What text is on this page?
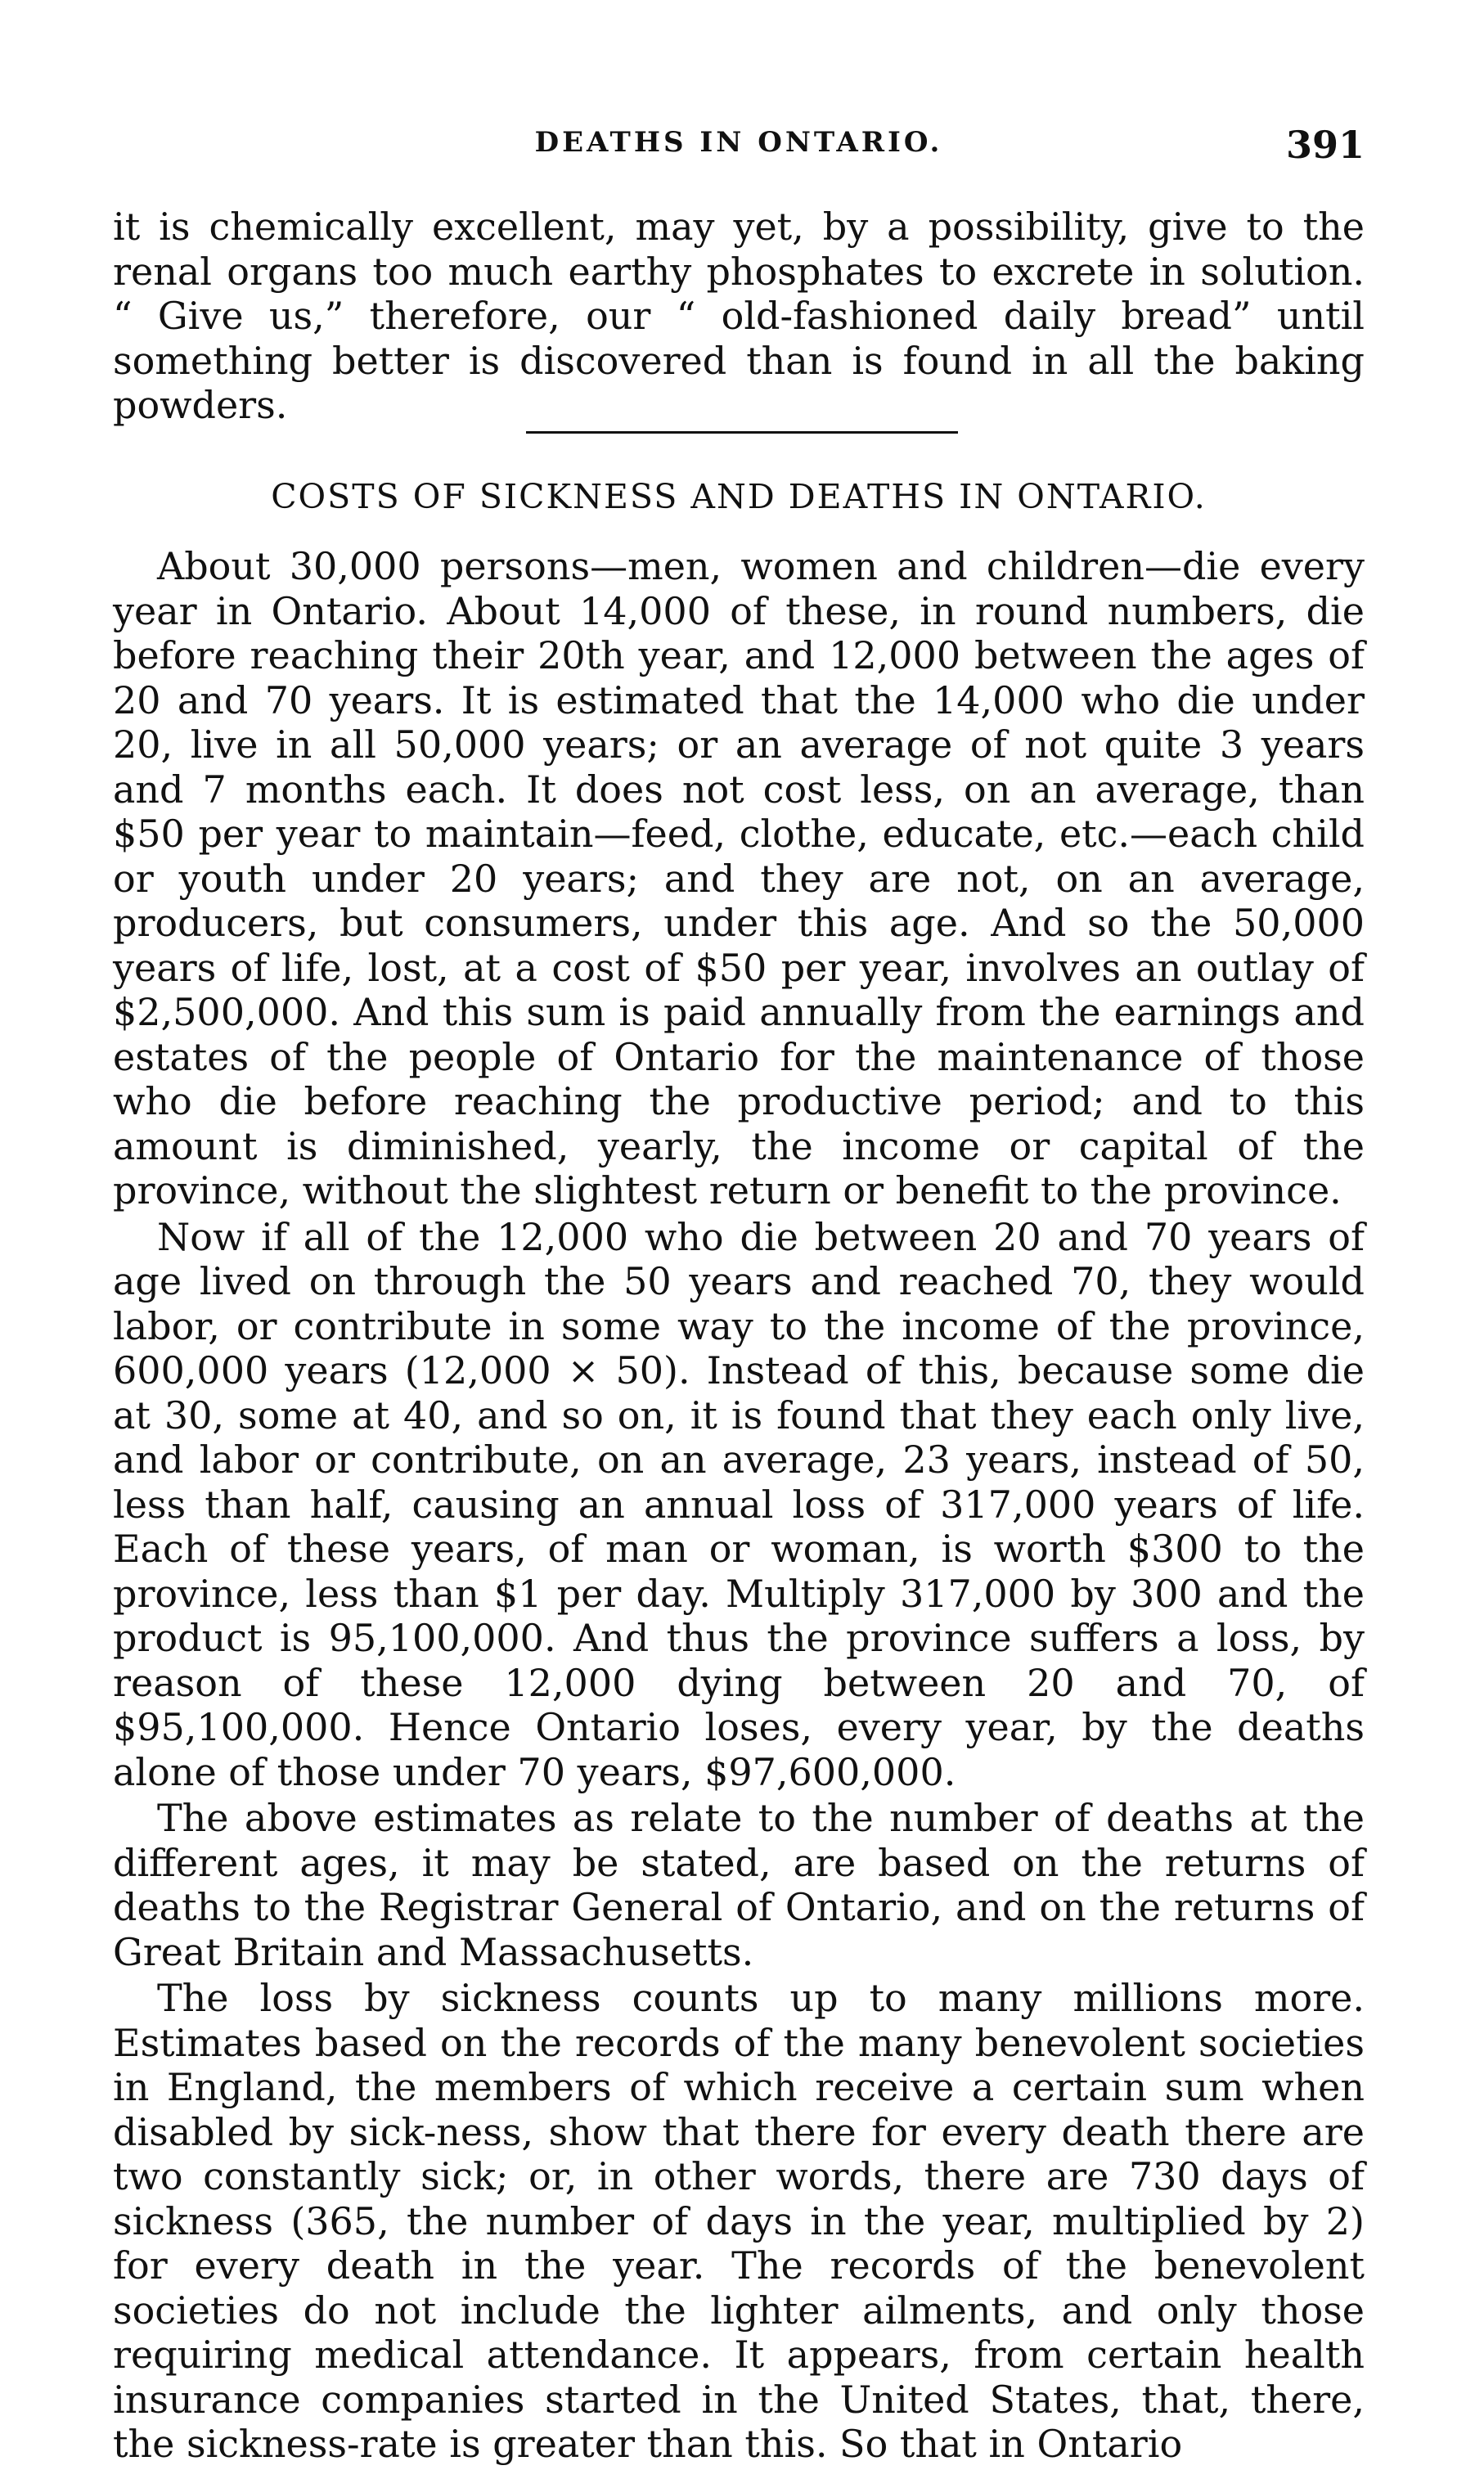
DEATHS IN ONTARIO.	391

it is chemically excellent, may yet, by a possibility, give to the renal organs too much earthy phosphates to excrete in solution. “ Give us,” therefore, our “ old-fashioned daily bread” until something better is discovered than is found in all the baking powders.

COSTS OF SICKNESS AND DEATHS IN ONTARIO.

About 30,000 persons—men, women and children—die every year in Ontario. About 14,000 of these, in round numbers, die before reaching their 20th year, and 12,000 between the ages of 20 and 70 years. It is estimated that the 14,000 who die under 20, live in all 50,000 years; or an average of not quite 3 years and 7 months each. It does not cost less, on an average, than $50 per year to maintain—feed, clothe, educate, etc.—each child or youth under 20 years; and they are not, on an average, producers, but consumers, under this age. And so the 50,000 years of life, lost, at a cost of $50 per year, involves an outlay of $2,500,000. And this sum is paid annually from the earnings and estates of the people of Ontario for the maintenance of those who die before reaching the productive period; and to this amount is diminished, yearly, the income or capital of the province, without the slightest return or benefit to the province.

Now if all of the 12,000 who die between 20 and 70 years of age lived on through the 50 years and reached 70, they would labor, or contribute in some way to the income of the province, 600,000 years (12,000 × 50). Instead of this, because some die at 30, some at 40, and so on, it is found that they each only live, and labor or contribute, on an average, 23 years, instead of 50, less than half, causing an annual loss of 317,000 years of life. Each of these years, of man or woman, is worth $300 to the province, less than $1 per day. Multiply 317,000 by 300 and the product is 95,100,000. And thus the province suffers a loss, by reason of these 12,000 dying between 20 and 70, of $95,100,000. Hence Ontario loses, every year, by the deaths alone of those under 70 years, $97,600,000.

The above estimates as relate to the number of deaths at the different ages, it may be stated, are based on the returns of deaths to the Registrar General of Ontario, and on the returns of Great Britain and Massachusetts.

The loss by sickness counts up to many millions more. Estimates based on the records of the many benevolent societies in England, the members of which receive a certain sum when disabled by sick-ness, show that there for every death there are two constantly sick; or, in other words, there are 730 days of sickness (365, the number of days in the year, multiplied by 2) for every death in the year. The records of the benevolent societies do not include the lighter ailments, and only those requiring medical attendance. It appears, from certain health insurance companies started in the United States, that, there, the sickness-rate is greater than this. So that in Ontario
